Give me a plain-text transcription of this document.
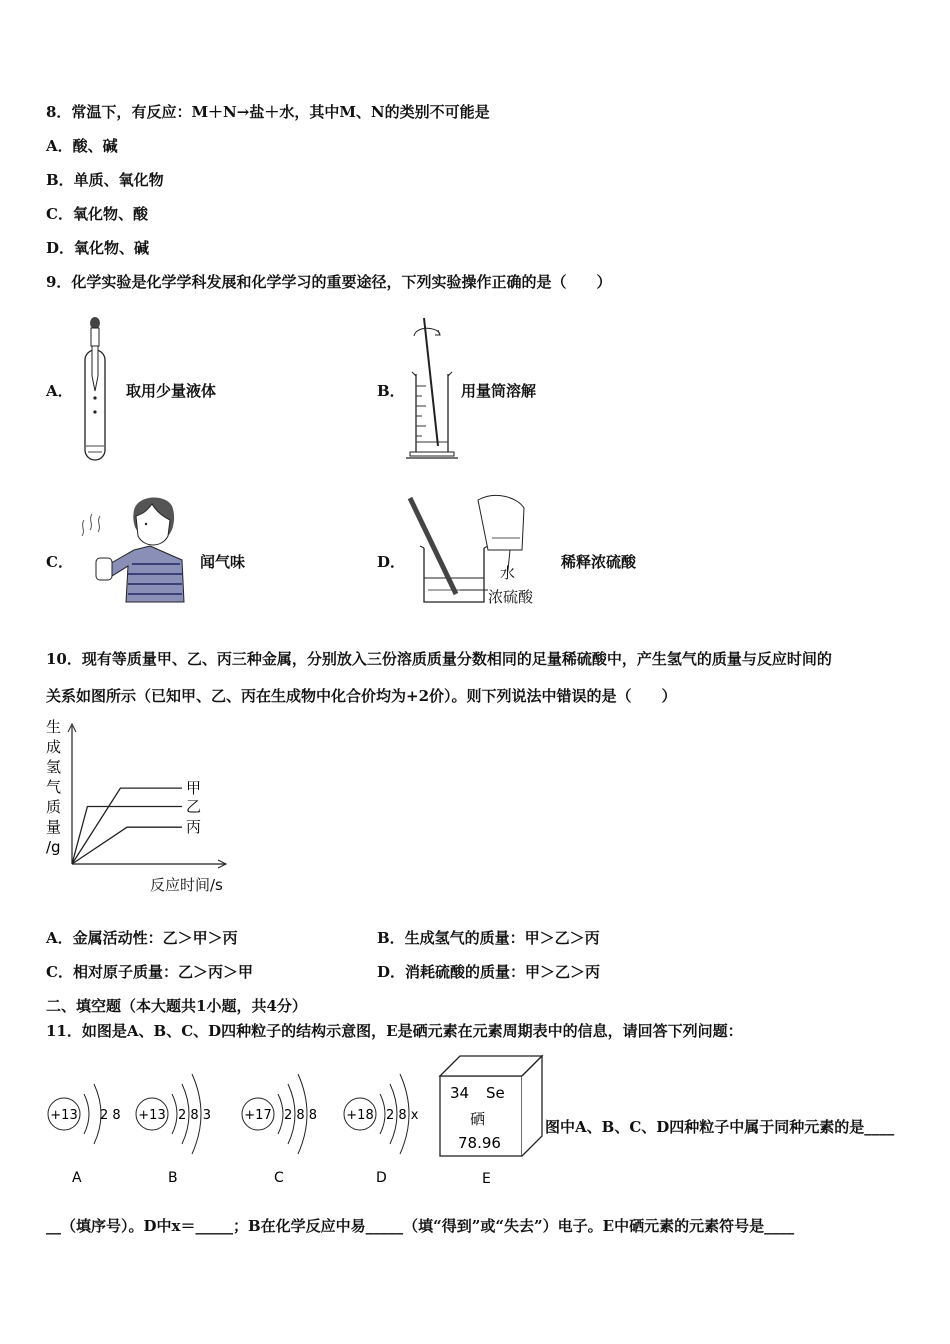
8．常温下，有反应：M＋N→盐＋水，其中M、N的类别不可能是
A．酸、碱
B．单质、氧化物
C．氧化物、酸
D．氧化物、碱
9．化学实验是化学学科发展和化学学习的重要途径，下列实验操作正确的是（　　）
A．	取用少量液体	B．	用量筒溶解
C．	闻气味	D．
水
浓硫酸
稀释浓硫酸
10．现有等质量甲、乙、丙三种金属，分别放入三份溶质质量分数相同的足量稀硫酸中，产生氢气的质量与反应时间的
关系如图所示（已知甲、乙、丙在生成物中化合价均为+2价）。则下列说法中错误的是（　　）
生
成
氢
气
质
量
/g
甲
乙
丙
反应时间/s
A．金属活动性：乙＞甲＞丙	B．生成氢气的质量：甲＞乙＞丙
C．相对原子质量：乙＞丙＞甲	D．消耗硫酸的质量：甲＞乙＞丙
二、填空题（本大题共1小题，共4分）
11．如图是A、B、C、D四种粒子的结构示意图，E是硒元素在元素周期表中的信息，请回答下列问题：
+13 2 8
A
+13 2 8 3
B
+17 2 8 8
C
+18 2 8 x
D
34 Se
硒
78.96
E
图中A、B、C、D四种粒子中属于同种元素的是____
__（填序号）。D中x＝_____；B在化学反应中易_____（填“得到”或“失去”）电子。E中硒元素的元素符号是____
